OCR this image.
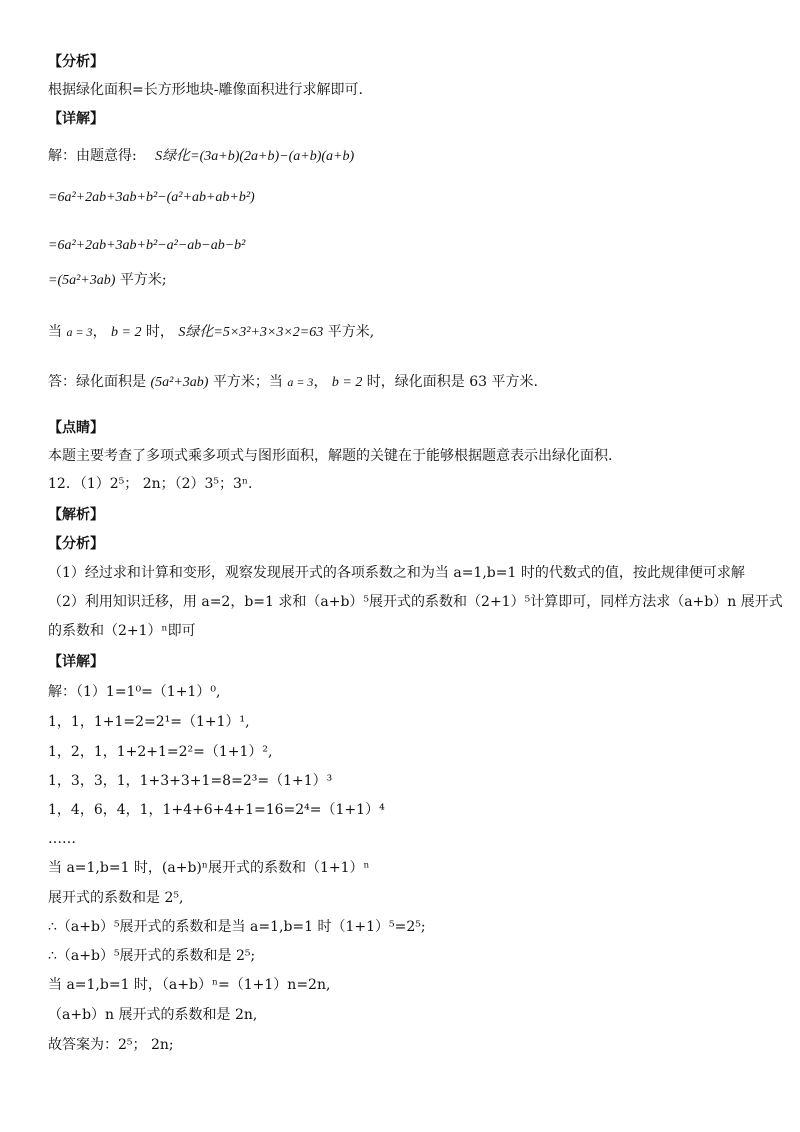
【分析】
根据绿化面积=长方形地块-雕像面积进行求解即可.
【详解】
解：由题意得: S绿化=(3a+b)(2a+b)−(a+b)(a+b)
=6a²+2ab+3ab+b²−(a²+ab+ab+b²)
=6a²+2ab+3ab+b²−a²−ab−ab−b²
=(5a²+3ab) 平方米;
当 a = 3， b = 2 时， S绿化=5×3²+3×3×2=63 平方米,
答：绿化面积是 (5a²+3ab) 平方米；当 a = 3， b = 2 时，绿化面积是 63 平方米.
【点睛】
本题主要考查了多项式乘多项式与图形面积，解题的关键在于能够根据题意表示出绿化面积.
12．（1）2⁵； 2n；（2）3⁵；3ⁿ.
【解析】
【分析】
（1）经过求和计算和变形，观察发现展开式的各项系数之和为当 a=1,b=1 时的代数式的值，按此规律便可求解
（2）利用知识迁移，用 a=2，b=1 求和（a+b）⁵展开式的系数和（2+1）⁵计算即可，同样方法求（a+b）n 展开式
的系数和（2+1）ⁿ即可
【详解】
解：（1）1=1⁰=（1+1）⁰,
1，1，1+1=2=2¹=（1+1）¹,
1，2，1，1+2+1=2²=（1+1）²,
1，3，3，1，1+3+3+1=8=2³=（1+1）³
1，4，6，4，1，1+4+6+4+1=16=2⁴=（1+1）⁴
……
当 a=1,b=1 时，(a+b)ⁿ展开式的系数和（1+1）ⁿ
展开式的系数和是 2⁵,
∴（a+b）⁵展开式的系数和是当 a=1,b=1 时（1+1）⁵=2⁵;
∴（a+b）⁵展开式的系数和是 2⁵;
当 a=1,b=1 时，（a+b）ⁿ=（1+1）n=2n,
（a+b）n 展开式的系数和是 2n,
故答案为：2⁵； 2n;
